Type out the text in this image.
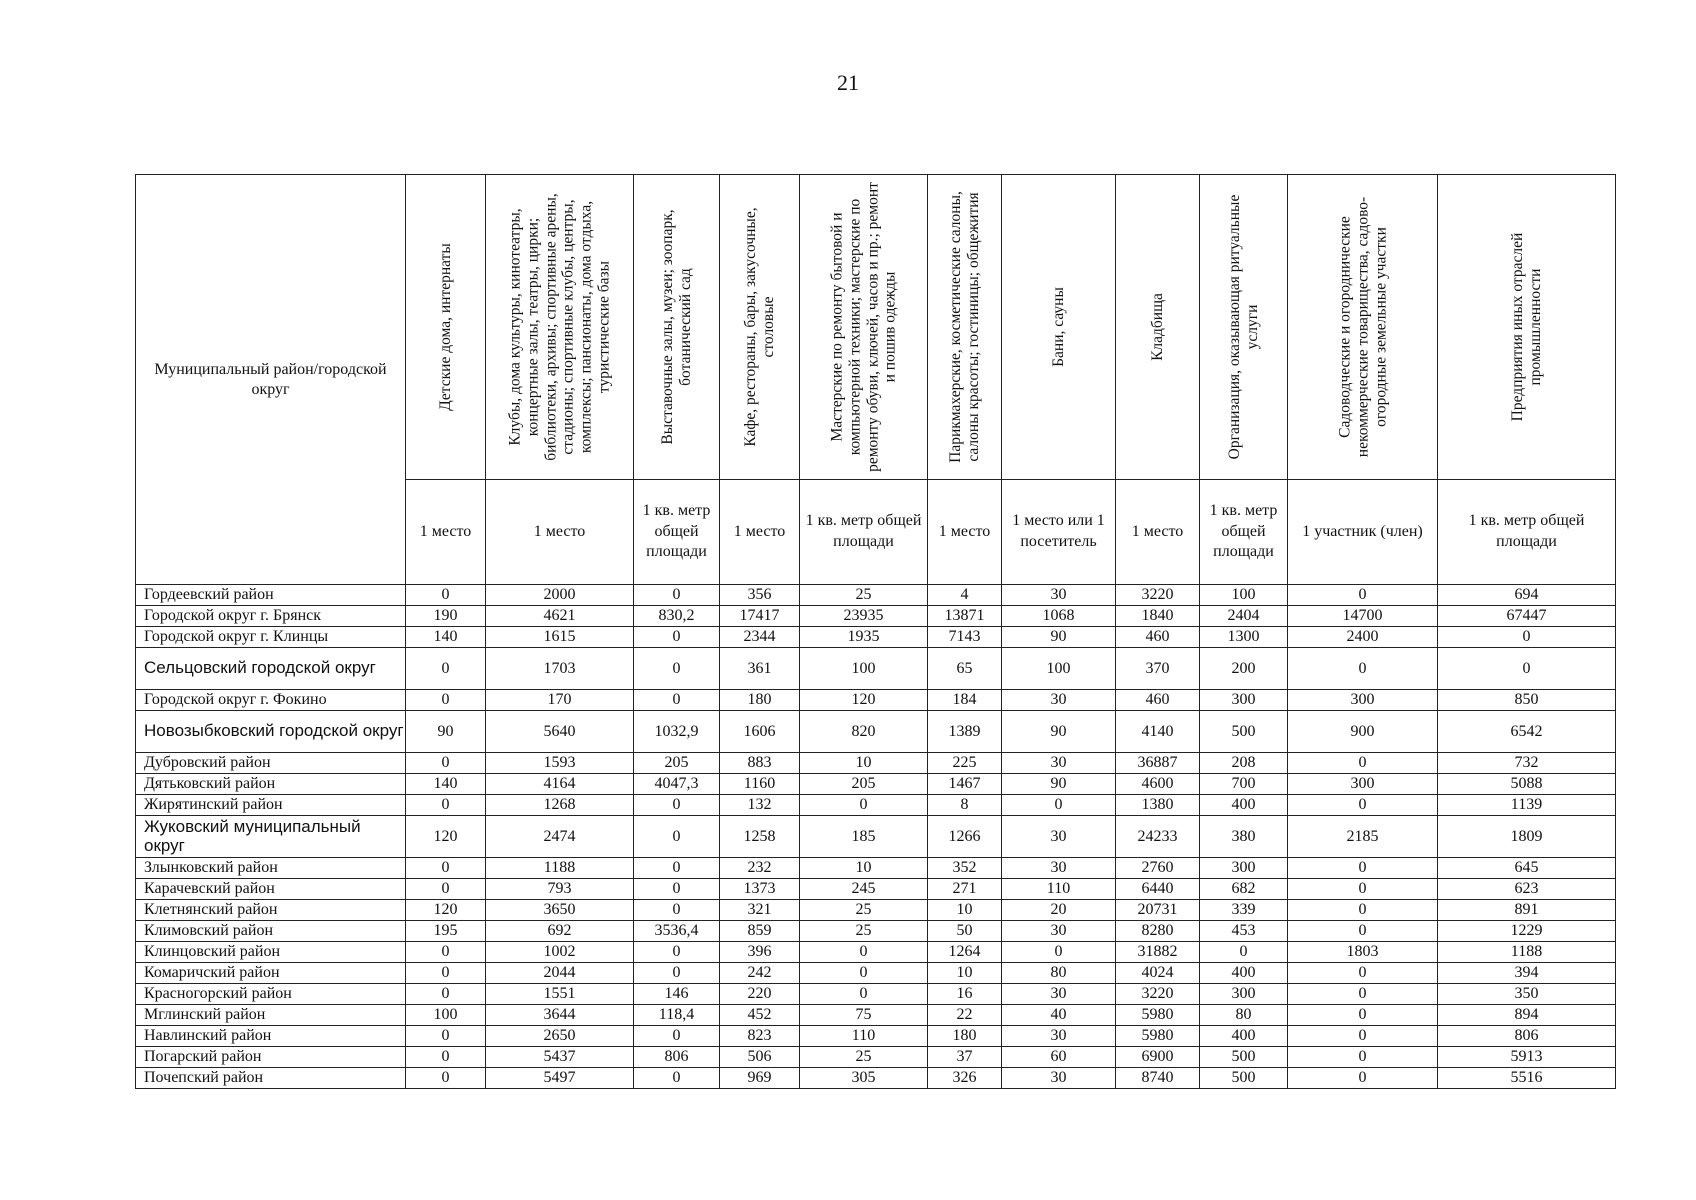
21
Муниципальный район/городской округ	Детские дома, интернаты	Клубы, дома культуры, кинотеатры, концертные залы, театры, цирки; библиотеки, архивы; спортивные арены, стадионы; спортивные клубы, центры, комплексы; пансионаты, дома отдыха, туристические базы	Выставочные залы, музеи; зоопарк, ботанический сад	Кафе, рестораны, бары, закусочные, столовые	Мастерские по ремонту бытовой и компьютерной техники; мастерские по ремонту обуви, ключей, часов и пр.; ремонт и пошив одежды	Парикмахерские, косметические салоны, салоны красоты; гостиницы; общежития	Бани, сауны	Кладбища	Организация, оказывающая ритуальные услуги	Садоводческие и огороднические некоммерческие товарищества, садово-огородные земельные участки	Предприятия иных отраслей промышленности

	1 место	1 место	1 кв. метр общей площади	1 место	1 кв. метр общей площади	1 место	1 место или 1 посетитель	1 место	1 кв. метр общей площади	1 участник (член)	1 кв. метр общей площади
Гордеевский район	0	2000	0	356	25	4	30	3220	100	0	694
Городской округ г. Брянск	190	4621	830,2	17417	23935	13871	1068	1840	2404	14700	67447
Городской округ г. Клинцы	140	1615	0	2344	1935	7143	90	460	1300	2400	0
Сельцовский городской округ	0	1703	0	361	100	65	100	370	200	0	0
Городской округ г. Фокино	0	170	0	180	120	184	30	460	300	300	850
Новозыбковский городской округ	90	5640	1032,9	1606	820	1389	90	4140	500	900	6542
Дубровский район	0	1593	205	883	10	225	30	36887	208	0	732
Дятьковский район	140	4164	4047,3	1160	205	1467	90	4600	700	300	5088
Жирятинский район	0	1268	0	132	0	8	0	1380	400	0	1139
Жуковский муниципальный округ	120	2474	0	1258	185	1266	30	24233	380	2185	1809
Злынковский район	0	1188	0	232	10	352	30	2760	300	0	645
Карачевский район	0	793	0	1373	245	271	110	6440	682	0	623
Клетнянский район	120	3650	0	321	25	10	20	20731	339	0	891
Климовский район	195	692	3536,4	859	25	50	30	8280	453	0	1229
Клинцовский район	0	1002	0	396	0	1264	0	31882	0	1803	1188
Комаричский район	0	2044	0	242	0	10	80	4024	400	0	394
Красногорский район	0	1551	146	220	0	16	30	3220	300	0	350
Мглинский район	100	3644	118,4	452	75	22	40	5980	80	0	894
Навлинский район	0	2650	0	823	110	180	30	5980	400	0	806
Погарский район	0	5437	806	506	25	37	60	6900	500	0	5913
Почепский район	0	5497	0	969	305	326	30	8740	500	0	5516
